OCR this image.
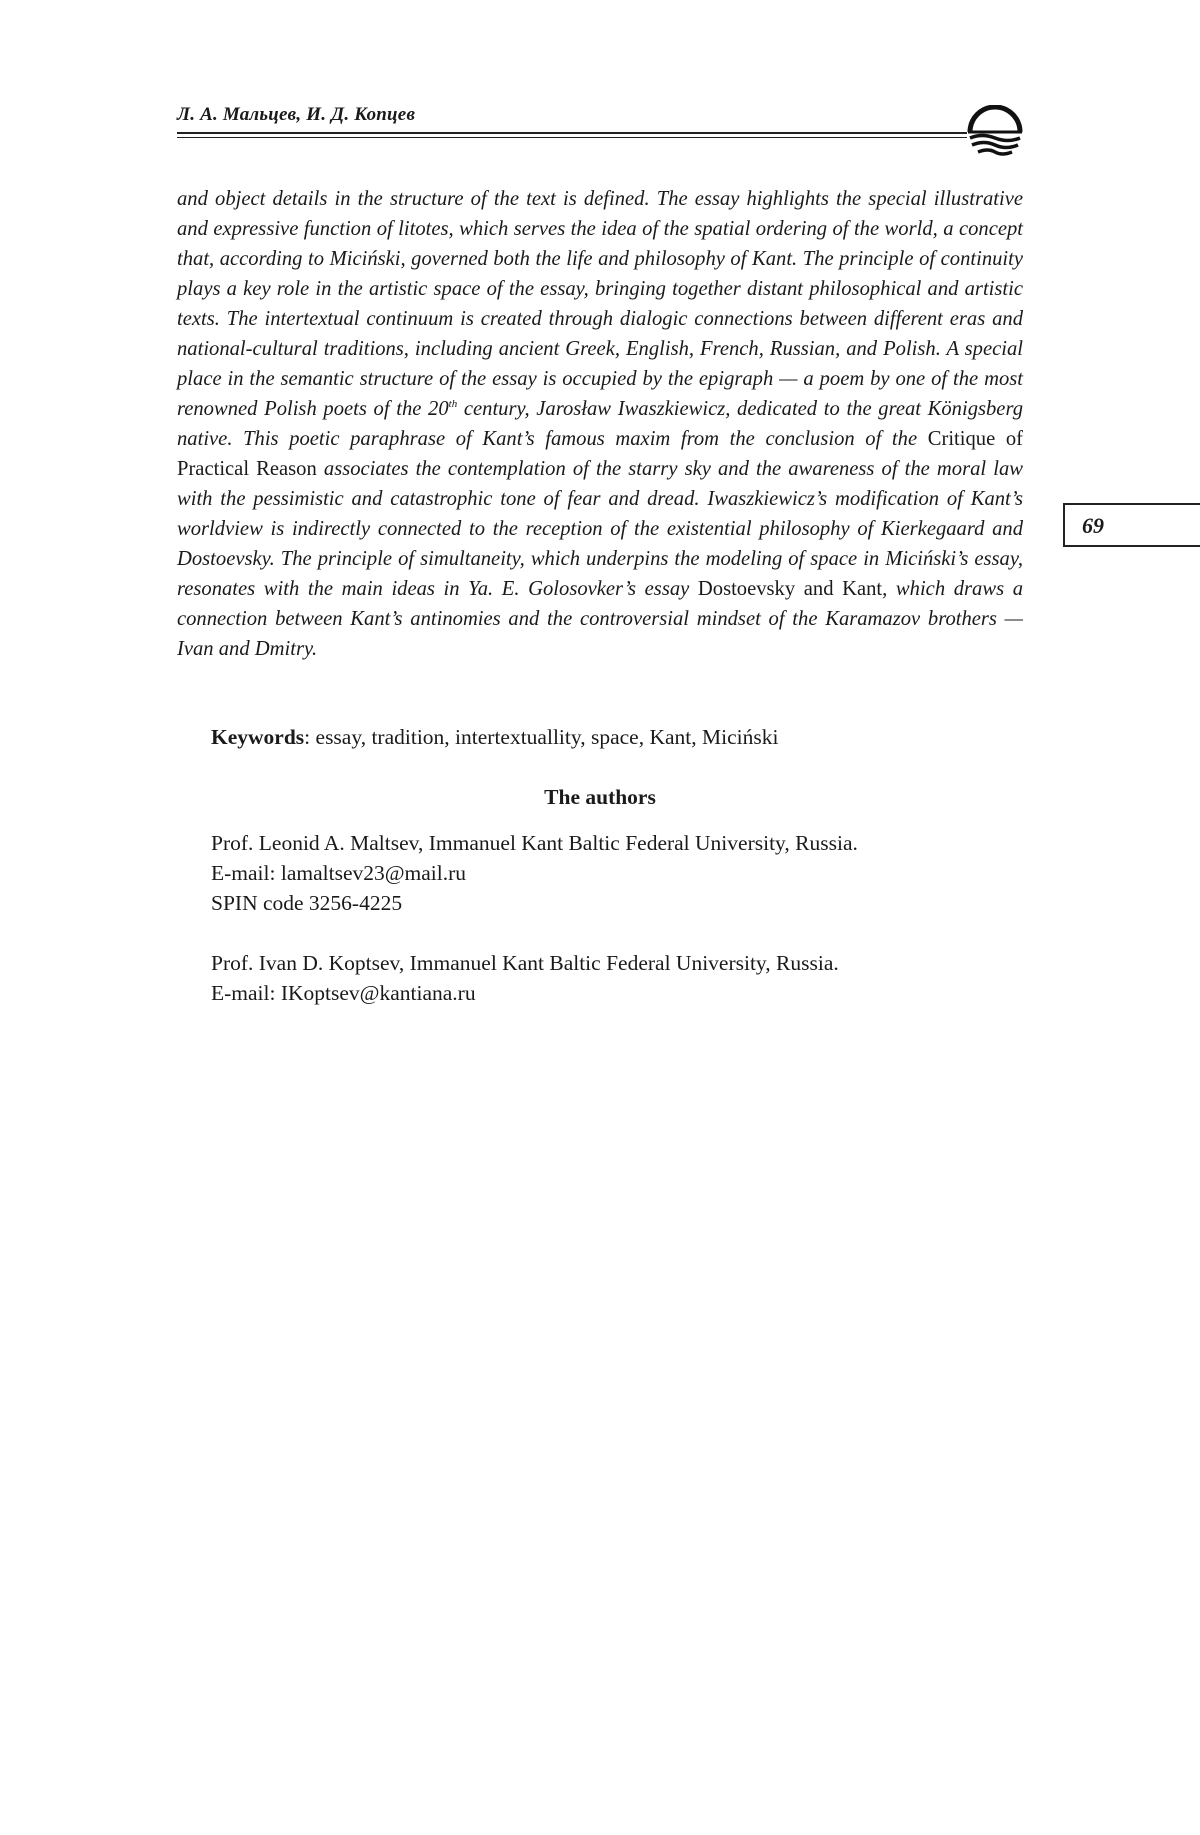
Л. А. Мальцев, И. Д. Копцев
and object details in the structure of the text is defined. The essay highlights the special illustrative and expressive function of litotes, which serves the idea of the spatial ordering of the world, a concept that, according to Miciński, governed both the life and philosophy of Kant. The principle of continuity plays a key role in the artistic space of the essay, bringing together distant philosophical and artistic texts. The intertextual continuum is created through dialogic connections between different eras and national-cultural traditions, including ancient Greek, English, French, Russian, and Polish. A special place in the semantic structure of the essay is occupied by the epigraph — a poem by one of the most renowned Polish poets of the 20th century, Jarosław Iwaszkiewicz, dedicated to the great Königsberg native. This poetic paraphrase of Kant’s famous maxim from the conclusion of the Critique of Practical Reason associates the contemplation of the starry sky and the awareness of the moral law with the pessimistic and catastrophic tone of fear and dread. Iwaszkiewicz’s modification of Kant’s worldview is indirectly connected to the reception of the existential philosophy of Kierkegaard and Dostoevsky. The principle of simultaneity, which underpins the modeling of space in Miciński’s essay, resonates with the main ideas in Ya. E. Golosovker’s essay Dostoevsky and Kant, which draws a connection between Kant’s antinomies and the controversial mindset of the Karamazov brothers — Ivan and Dmitry.
69
Keywords: essay, tradition, intertextuallity, space, Kant, Miciński
The authors
Prof. Leonid A. Maltsev, Immanuel Kant Baltic Federal University, Russia.
E-mail: lamaltsev23@mail.ru
SPIN code 3256-4225
Prof. Ivan D. Koptsev, Immanuel Kant Baltic Federal University, Russia.
E-mail: IKoptsev@kantiana.ru
